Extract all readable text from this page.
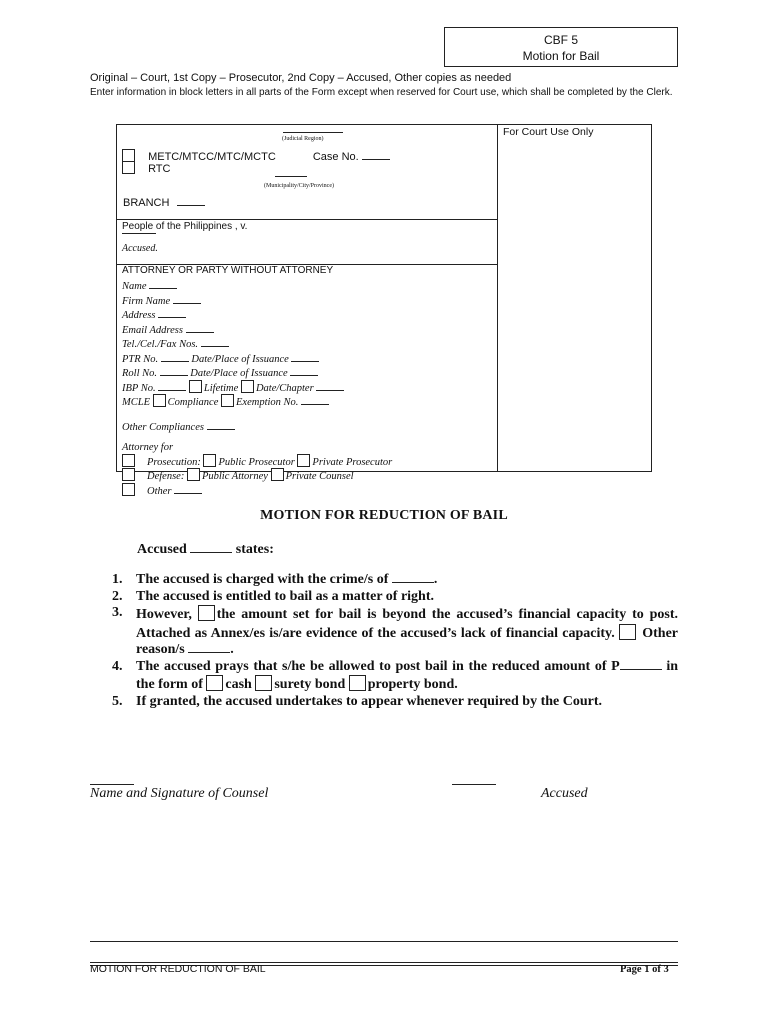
CBF 5
Motion for Bail
Original – Court, 1st Copy – Prosecutor, 2nd Copy – Accused, Other copies as needed
Enter information in block letters in all parts of the Form except when reserved for Court use, which shall be completed by the Clerk.
For Court Use Only
(Judicial Region)
METC/MTCC/MTC/MCTC	Case No.
RTC
(Municipality/City/Province)
BRANCH
People of the Philippines , v.
Accused.
ATTORNEY OR PARTY WITHOUT ATTORNEY
Name
Firm Name
Address
Email Address
Tel./Cel./Fax Nos.
PTR No.	Date/Place of Issuance
Roll No.	Date/Place of Issuance
IBP No.	Lifetime Date/Chapter
MCLE Compliance Exemption No.
Other Compliances
Attorney for
Prosecution: Public Prosecutor Private Prosecutor
Defense: Public Attorney Private Counsel
Other
MOTION FOR REDUCTION OF BAIL
Accused	states:
1. The accused is charged with the crime/s of	.
2. The accused is entitled to bail as a matter of right.
3. However, the amount set for bail is beyond the accused’s financial capacity to post. Attached as Annex/es is/are evidence of the accused’s lack of financial capacity. Other reason/s	.
4. The accused prays that s/he be allowed to post bail in the reduced amount of P	in the form of cash surety bond property bond.
5. If granted, the accused undertakes to appear whenever required by the Court.
Name and Signature of Counsel	Accused
MOTION FOR REDUCTION OF BAIL	Page 1 of 3
